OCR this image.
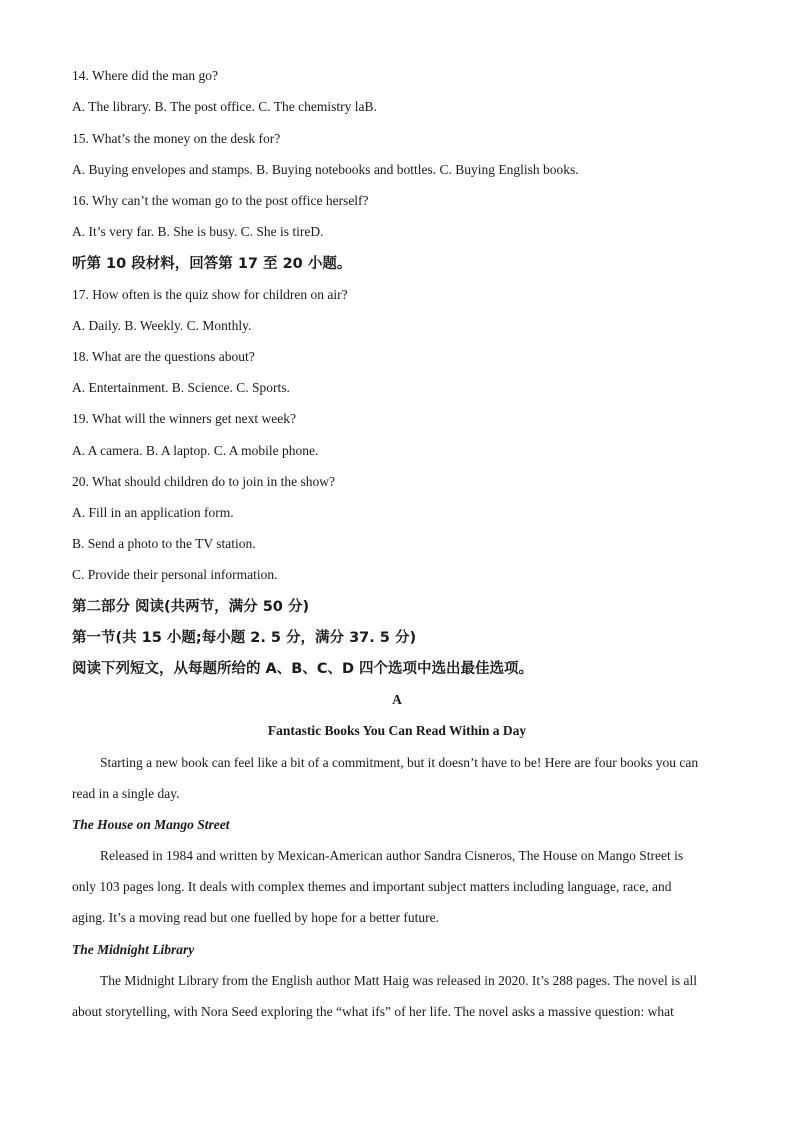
14. Where did the man go?
A. The library. B. The post office. C. The chemistry laB.
15. What’s the money on the desk for?
A. Buying envelopes and stamps. B. Buying notebooks and bottles. C. Buying English books.
16. Why can’t the woman go to the post office herself?
A. It’s very far. B. She is busy. C. She is tireD.
听第 10 段材料，回答第 17 至 20 小题。
17. How often is the quiz show for children on air?
A. Daily. B. Weekly. C. Monthly.
18. What are the questions about?
A. Entertainment. B. Science. C. Sports.
19. What will the winners get next week?
A. A camera. B. A laptop. C. A mobile phone.
20. What should children do to join in the show?
A. Fill in an application form.
B. Send a photo to the TV station.
C. Provide their personal information.
第二部分 阅读(共两节，满分 50 分)
第一节(共 15 小题;每小题 2. 5 分，满分 37. 5 分)
阅读下列短文，从每题所给的 A、B、C、D 四个选项中选出最佳选项。
A
Fantastic Books You Can Read Within a Day
Starting a new book can feel like a bit of a commitment, but it doesn’t have to be! Here are four books you can
read in a single day.
The House on Mango Street
Released in 1984 and written by Mexican-American author Sandra Cisneros, The House on Mango Street is
only 103 pages long. It deals with complex themes and important subject matters including language, race, and
aging. It’s a moving read but one fuelled by hope for a better future.
The Midnight Library
The Midnight Library from the English author Matt Haig was released in 2020. It’s 288 pages. The novel is all
about storytelling, with Nora Seed exploring the “what ifs” of her life. The novel asks a massive question: what
